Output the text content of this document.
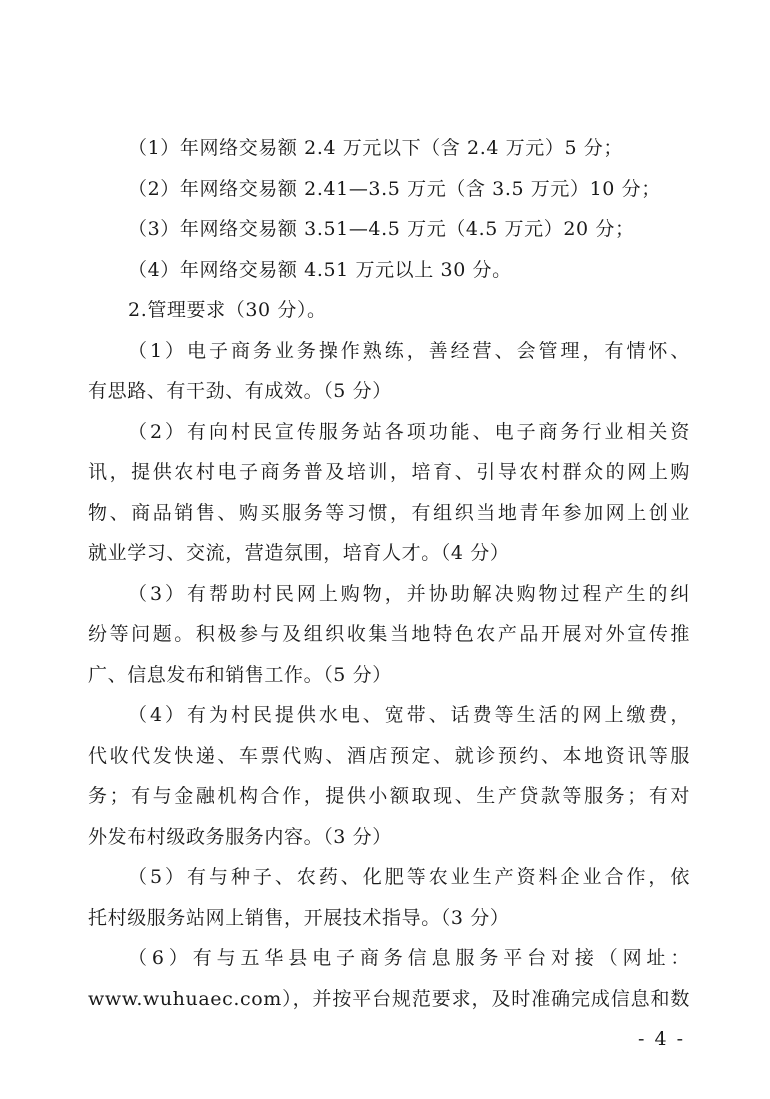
（1）年网络交易额 2.4 万元以下（含 2.4 万元）5 分；
（2）年网络交易额 2.41—3.5 万元（含 3.5 万元）10 分；
（3）年网络交易额 3.51—4.5 万元（4.5 万元）20 分；
（4）年网络交易额 4.51 万元以上 30 分。
2.管理要求（30 分）。
（1）电子商务业务操作熟练，善经营、会管理，有情怀、
有思路、有干劲、有成效。（5 分）
（2）有向村民宣传服务站各项功能、电子商务行业相关资
讯，提供农村电子商务普及培训，培育、引导农村群众的网上购
物、商品销售、购买服务等习惯，有组织当地青年参加网上创业
就业学习、交流，营造氛围，培育人才。（4 分）
（3）有帮助村民网上购物，并协助解决购物过程产生的纠
纷等问题。积极参与及组织收集当地特色农产品开展对外宣传推
广、信息发布和销售工作。（5 分）
（4）有为村民提供水电、宽带、话费等生活的网上缴费，
代收代发快递、车票代购、酒店预定、就诊预约、本地资讯等服
务；有与金融机构合作，提供小额取现、生产贷款等服务；有对
外发布村级政务服务内容。（3 分）
（5）有与种子、农药、化肥等农业生产资料企业合作，依
托村级服务站网上销售，开展技术指导。（3 分）
（6）有与五华县电子商务信息服务平台对接（网址：
www.wuhuaec.com），并按平台规范要求，及时准确完成信息和数
- 4 -
